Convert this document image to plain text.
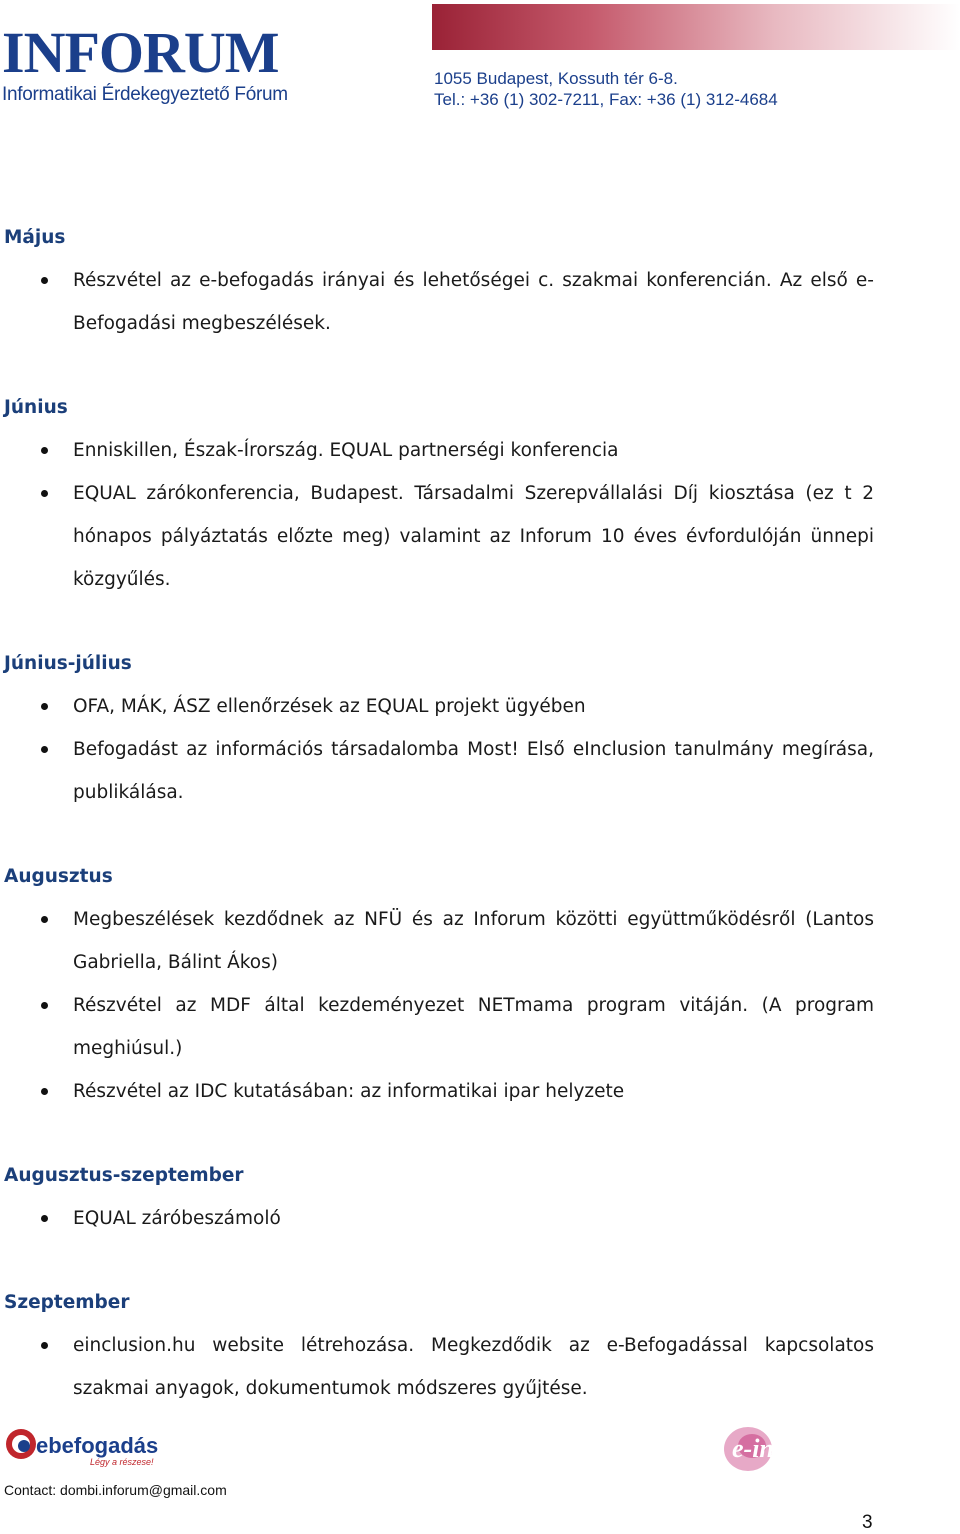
INFORUM
Informatikai Érdekegyeztető Fórum
1055 Budapest, Kossuth tér 6-8.
Tel.: +36 (1) 302-7211, Fax: +36 (1) 312-4684
Május
Részvétel az e-befogadás irányai és lehetőségei c. szakmai konferencián. Az első e-Befogadási megbeszélések.
Június
Enniskillen, Észak-Írország. EQUAL partnerségi konferencia
EQUAL zárókonferencia, Budapest. Társadalmi Szerepvállalási Díj kiosztása (ez t 2 hónapos pályáztatás előzte meg) valamint az Inforum 10 éves évfordulóján ünnepi közgyűlés.
Június-július
OFA, MÁK, ÁSZ ellenőrzések az EQUAL projekt ügyében
Befogadást az információs társadalomba Most! Első eInclusion tanulmány megírása, publikálása.
Augusztus
Megbeszélések kezdődnek az NFÜ és az Inforum közötti együttműködésről (Lantos Gabriella, Bálint Ákos)
Részvétel az MDF által kezdeményezet NETmama program vitáján. (A program meghiúsul.)
Részvétel az IDC kutatásában: az informatikai ipar helyzete
Augusztus-szeptember
EQUAL záróbeszámoló
Szeptember
einclusion.hu website létrehozása. Megkezdődik az e-Befogadással kapcsolatos szakmai anyagok, dokumentumok módszeres gyűjtése.
ebefogadás
Légy a részese!	e-inclusion
Contact: dombi.inforum@gmail.com
3
